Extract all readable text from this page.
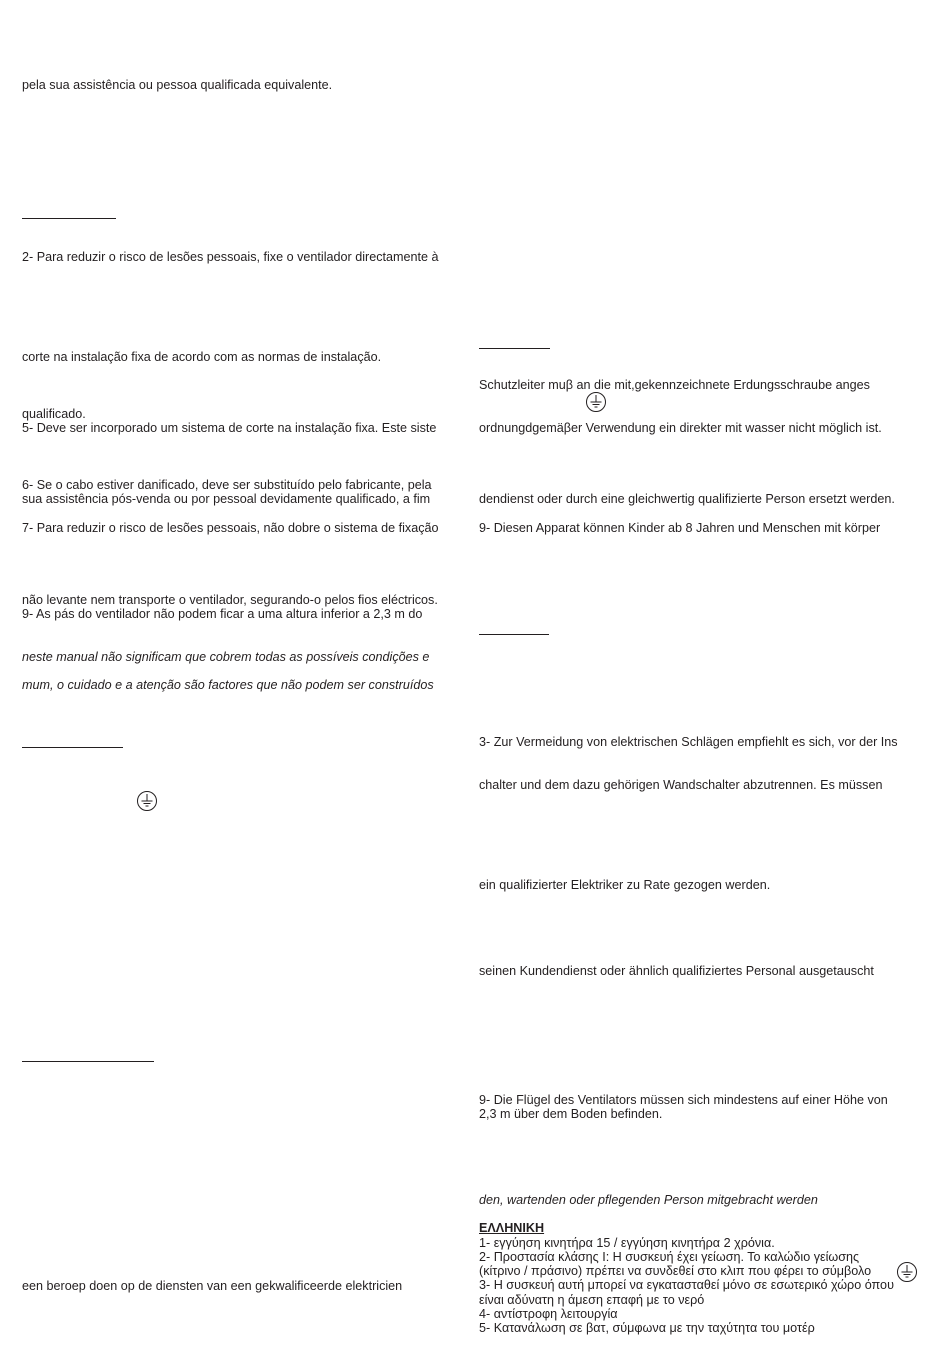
pela sua assistência ou pessoa qualificada equivalente.
2- Para reduzir o risco de lesões pessoais, fixe o ventilador directamente à
corte na instalação fixa de acordo com as normas de instalação.
qualificado.
5- Deve ser incorporado um sistema de corte na instalação fixa. Este siste
6- Se o cabo estiver danificado, deve ser substituído pelo fabricante, pela
sua assistência pós-venda ou por pessoal devidamente qualificado, a fim
7- Para reduzir o risco de lesões pessoais, não dobre o sistema de fixação
não levante nem transporte o ventilador, segurando-o pelos fios eléctricos.
9- As pás do ventilador não podem ficar a uma altura inferior a 2,3 m do
neste manual não significam que cobrem todas as possíveis condições e
mum, o cuidado e a atenção são factores que não podem ser construídos
een beroep doen op de diensten van een gekwalificeerde elektricien
Schutzleiter muβ an die mit,gekennzeichnete Erdungsschraube anges
ordnungdgemäβer Verwendung ein direkter mit wasser nicht möglich ist.
dendienst oder durch eine gleichwertig qualifizierte Person ersetzt werden.
9- Diesen Apparat können Kinder ab 8 Jahren und Menschen mit körper
3- Zur Vermeidung von elektrischen Schlägen empfiehlt es sich, vor der Ins
chalter und dem dazu gehörigen Wandschalter abzutrennen. Es müssen
ein qualifizierter Elektriker zu Rate gezogen werden.
seinen Kundendienst oder ähnlich qualifiziertes Personal ausgetauscht
9- Die Flügel des Ventilators müssen sich mindestens auf einer Höhe von
2,3 m über dem Boden befinden.
den, wartenden oder pflegenden Person mitgebracht werden
ΕΛΛΗΝΙΚΗ
1- εγγύηση κινητήρα 15 / εγγύηση κινητήρα 2 χρόνια.
2- Προστασία κλάσης I: Η συσκευή έχει γείωση. Το καλώδιο γείωσης
(κίτρινο / πράσινο) πρέπει να συνδεθεί στο κλιπ που φέρει το σύμβολο
3- Η συσκευή αυτή μπορεί να εγκατασταθεί μόνο σε εσωτερικό χώρο όπου
είναι αδύνατη η άμεση επαφή με το νερό
4- αντίστροφη λειτουργία
5- Κατανάλωση σε βατ, σύμφωνα με την ταχύτητα του μοτέρ
